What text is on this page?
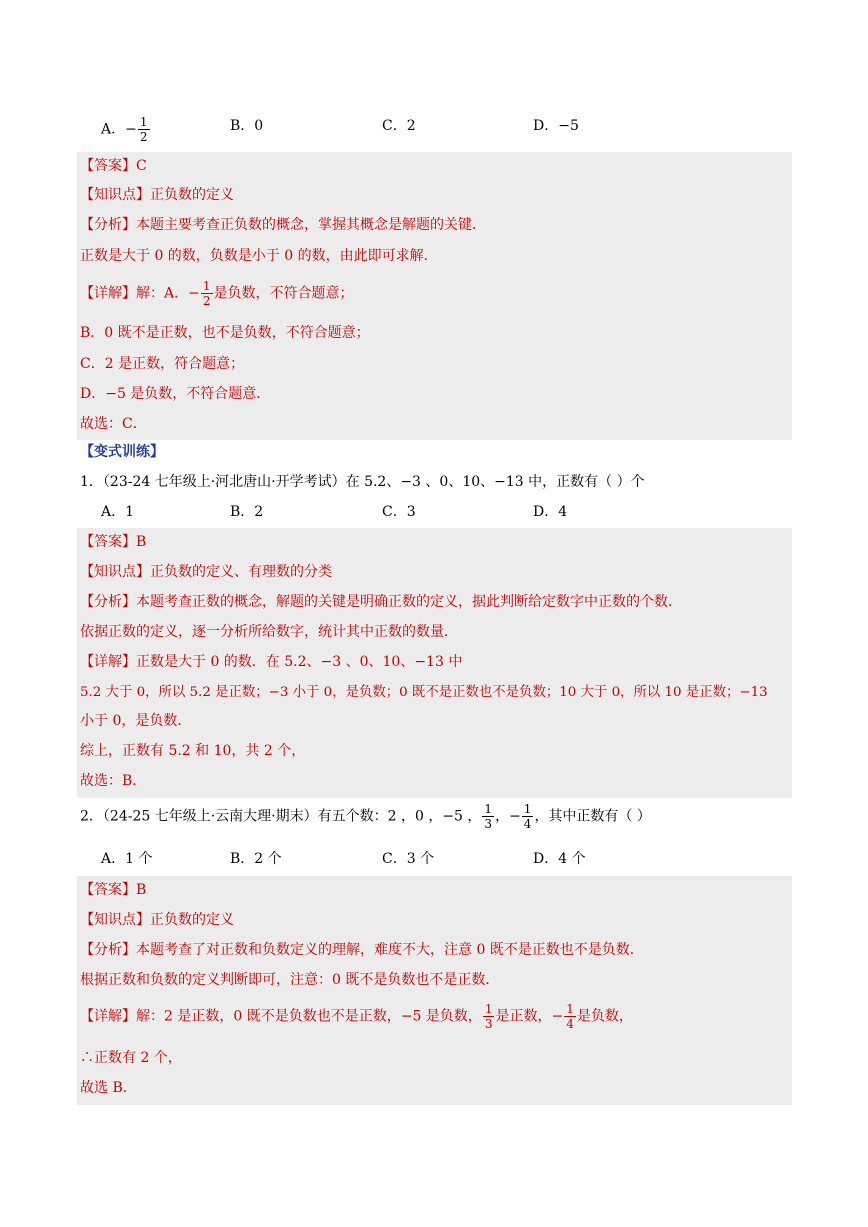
A．− $\frac{1}{2}$	B．0	C．2	D．−5
【答案】C
【知识点】正负数的定义
【分析】本题主要考查正负数的概念，掌握其概念是解题的关键．
正数是大于 0 的数，负数是小于 0 的数，由此即可求解．
【详解】解：A．− $\frac{1}{2}$ 是负数，不符合题意；
B．0 既不是正数，也不是负数，不符合题意；
C．2 是正数，符合题意；
D．−5 是负数，不符合题意．
故选：C．
【变式训练】
1．（23-24 七年级上·河北唐山·开学考试）在 5.2、−3 、0、10、−13 中，正数有（ ）个
A．1	B．2	C．3	D．4
【答案】B
【知识点】正负数的定义、有理数的分类
【分析】本题考查正数的概念，解题的关键是明确正数的定义，据此判断给定数字中正数的个数．
依据正数的定义，逐一分析所给数字，统计其中正数的数量．
【详解】正数是大于 0 的数．在 5.2、−3 、0、10、−13 中
5.2 大于 0，所以 5.2 是正数；−3 小于 0，是负数；0 既不是正数也不是负数；10 大于 0，所以 10 是正数；−13
小于 0，是负数．
综上，正数有 5.2 和 10，共 2 个，
故选：B．
2．（24-25 七年级上·云南大理·期末）有五个数：2 ，0 ，−5 ， $\frac{1}{3}$ ，− $\frac{1}{4}$ ，其中正数有（ ）
A．1 个	B．2 个	C．3 个	D．4 个
【答案】B
【知识点】正负数的定义
【分析】本题考查了对正数和负数定义的理解，难度不大，注意 0 既不是正数也不是负数．
根据正数和负数的定义判断即可，注意：0 既不是负数也不是正数．
【详解】解：2 是正数，0 既不是负数也不是正数，−5 是负数， $\frac{1}{3}$ 是正数，− $\frac{1}{4}$ 是负数，
∴正数有 2 个，
故选 B．
